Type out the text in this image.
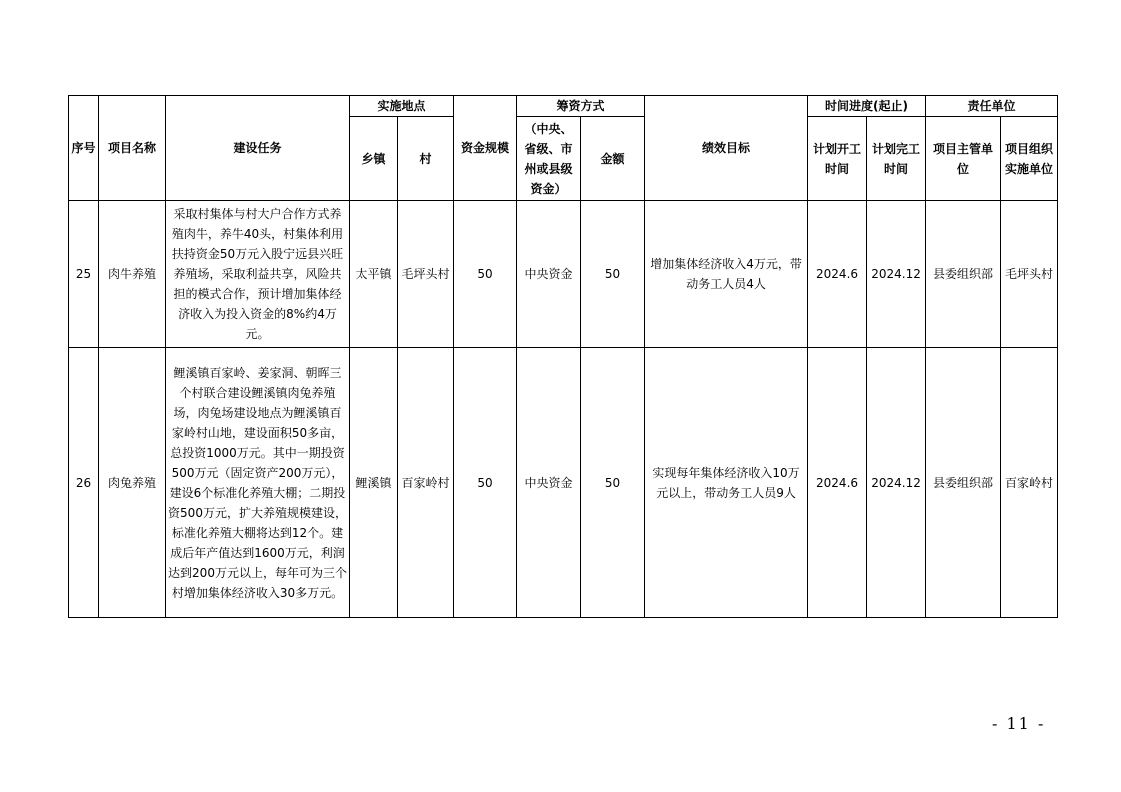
序号	项目名称	建设任务	实施地点		资金规模	筹资方式		绩效目标	时间进度(起止)		责任单位	
			乡镇	村		（中央、省级、市州或县级资金）	金额		计划开工时间	计划完工时间	项目主管单位	项目组织实施单位
25	肉牛养殖	采取村集体与村大户合作方式养殖肉牛，养牛40头，村集体利用扶持资金50万元入股宁远县兴旺养殖场，采取利益共享，风险共担的模式合作，预计增加集体经济收入为投入资金的8%约4万元。	太平镇	毛坪头村	50	中央资金	50	增加集体经济收入4万元，带动务工人员4人	2024.6	2024.12	县委组织部	毛坪头村
26	肉兔养殖	鲤溪镇百家岭、姜家洞、朝晖三个村联合建设鲤溪镇肉兔养殖场，肉兔场建设地点为鲤溪镇百家岭村山地，建设面积50多亩，总投资1000万元。其中一期投资500万元（固定资产200万元），建设6个标准化养殖大棚；二期投资500万元，扩大养殖规模建设，标准化养殖大棚将达到12个。建成后年产值达到1600万元，利润达到200万元以上，每年可为三个村增加集体经济收入30多万元。	鲤溪镇	百家岭村	50	中央资金	50	实现每年集体经济收入10万元以上，带动务工人员9人	2024.6	2024.12	县委组织部	百家岭村
- 11 -
